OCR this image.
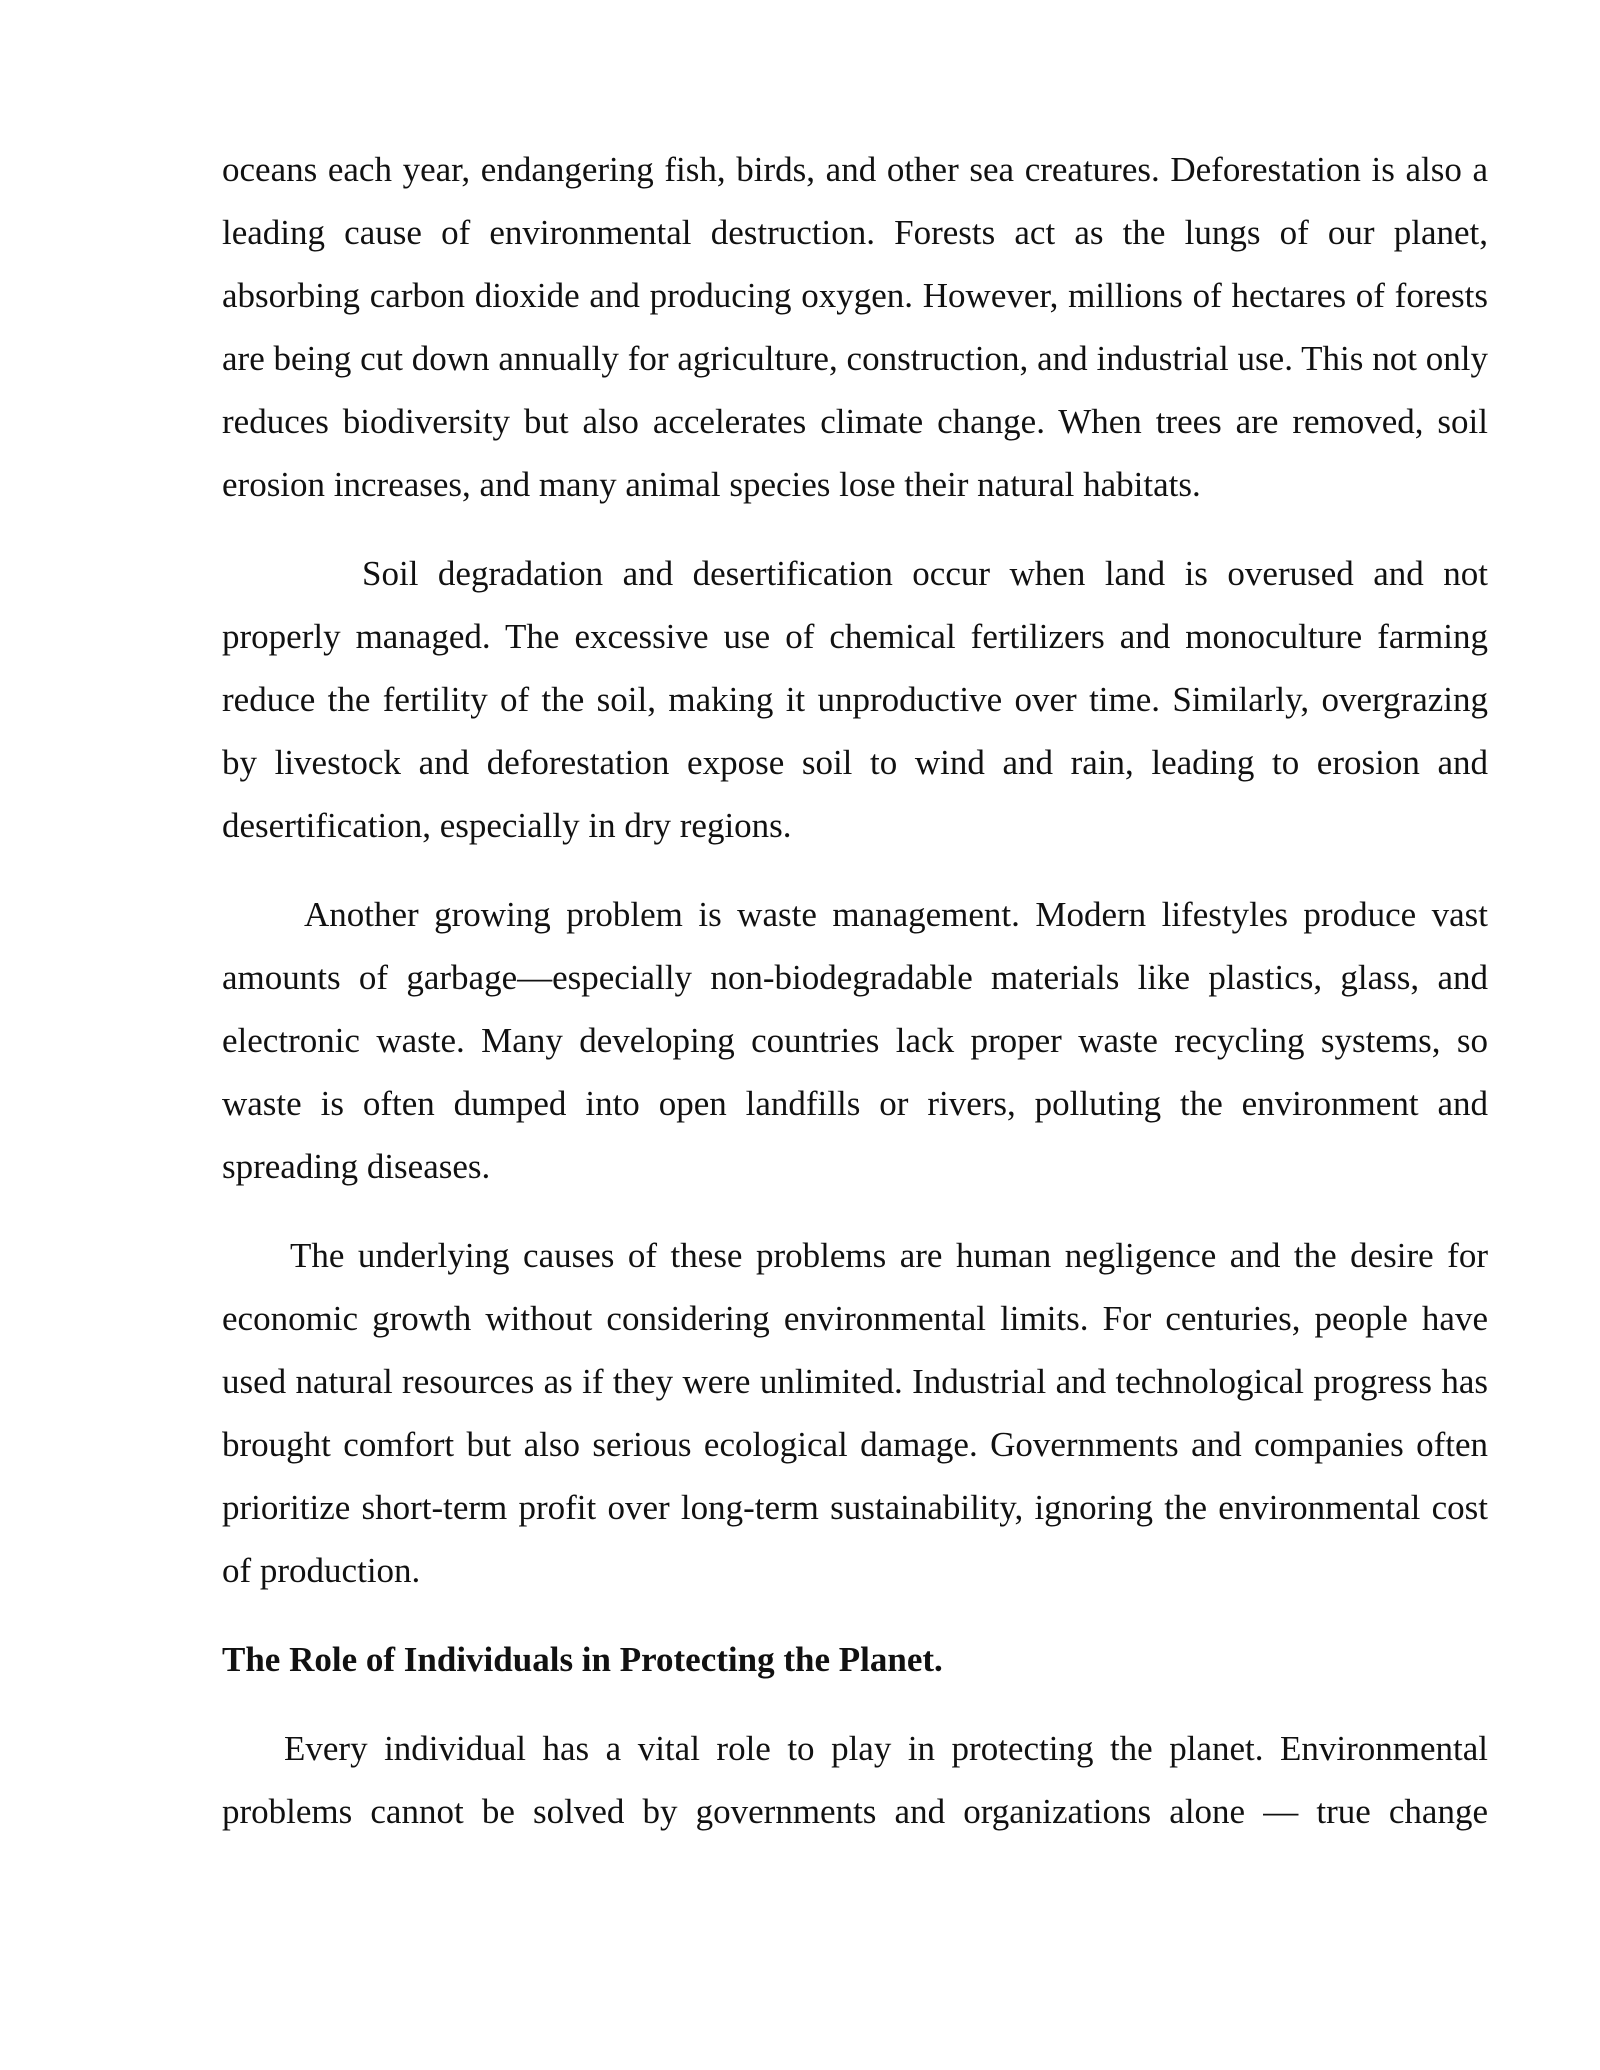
oceans each year, endangering fish, birds, and other sea creatures. Deforestation is also a leading cause of environmental destruction. Forests act as the lungs of our planet, absorbing carbon dioxide and producing oxygen. However, millions of hectares of forests are being cut down annually for agriculture, construction, and industrial use. This not only reduces biodiversity but also accelerates climate change. When trees are removed, soil erosion increases, and many animal species lose their natural habitats.

Soil degradation and desertification occur when land is overused and not properly managed. The excessive use of chemical fertilizers and monoculture farming reduce the fertility of the soil, making it unproductive over time. Similarly, overgrazing by livestock and deforestation expose soil to wind and rain, leading to erosion and desertification, especially in dry regions.

Another growing problem is waste management. Modern lifestyles produce vast amounts of garbage—especially non-biodegradable materials like plastics, glass, and electronic waste. Many developing countries lack proper waste recycling systems, so waste is often dumped into open landfills or rivers, polluting the environment and spreading diseases.

The underlying causes of these problems are human negligence and the desire for economic growth without considering environmental limits. For centuries, people have used natural resources as if they were unlimited. Industrial and technological progress has brought comfort but also serious ecological damage. Governments and companies often prioritize short-term profit over long-term sustainability, ignoring the environmental cost of production.

The Role of Individuals in Protecting the Planet.

Every individual has a vital role to play in protecting the planet. Environmental problems cannot be solved by governments and organizations alone — true change
